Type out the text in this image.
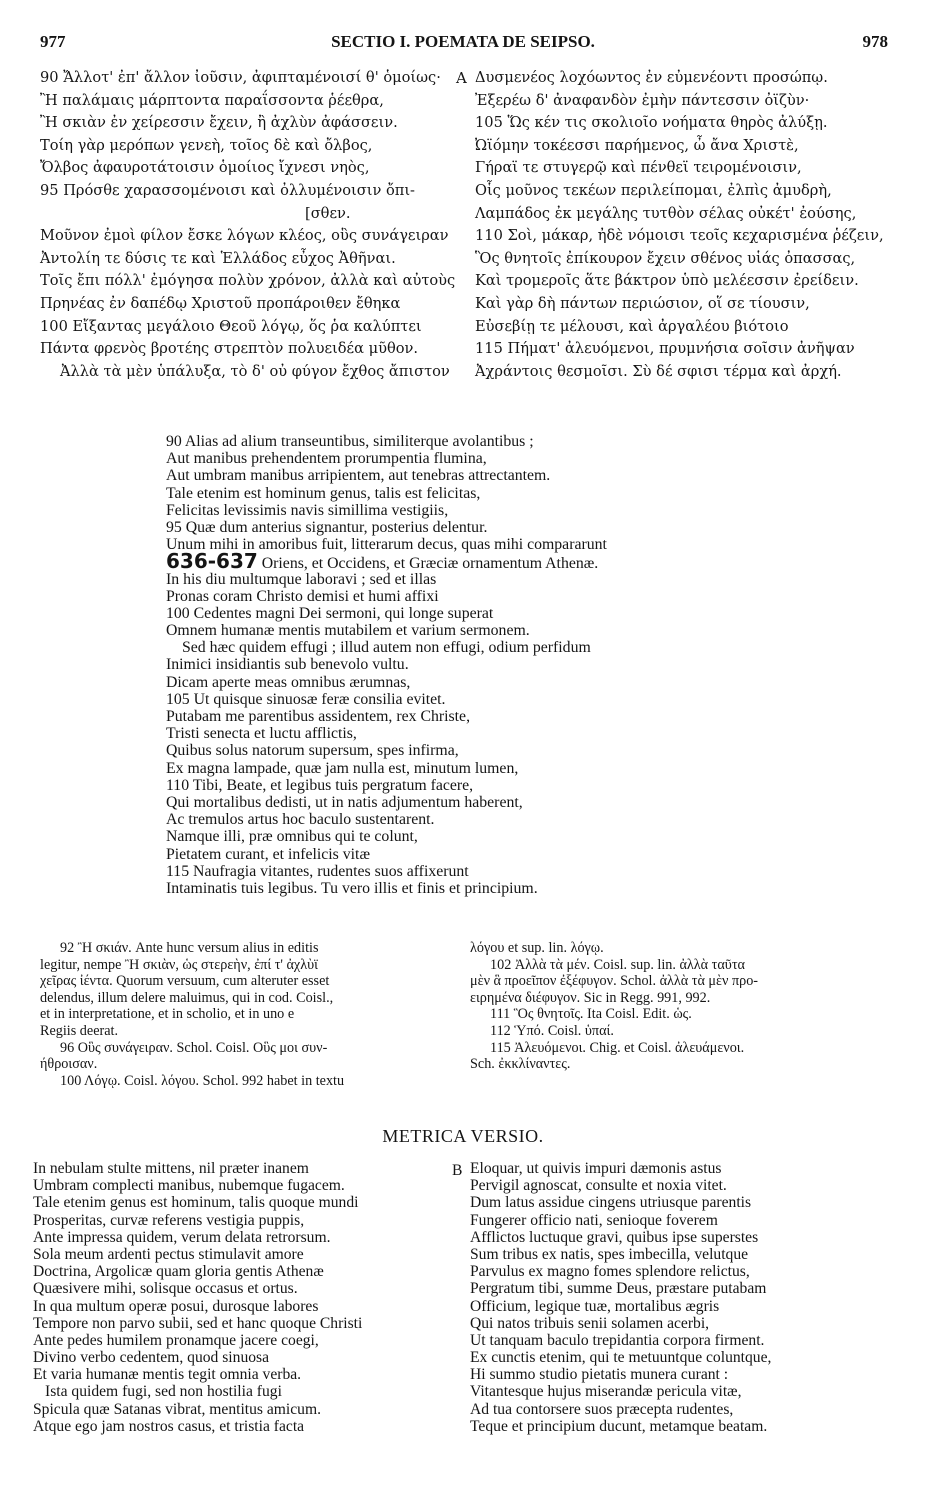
977	SECTIO I. POEMATA DE SEIPSO.	978
90 Ἄλλοτ' ἐπ' ἄλλον ἰοῦσιν, ἀφιπταμένοισί θ' ὁμοίως·
Ἢ παλάμαις μάρπτοντα παραΐσσοντα ῥέεθρα,
Ἢ σκιὰν ἐν χείρεσσιν ἔχειν, ἢ ἀχλὺν ἀφάσσειν.
Τοίη γὰρ μερόπων γενεὴ, τοῖος δὲ καὶ ὄλβος,
Ὄλβος ἀφαυροτάτοισιν ὁμοίιος ἴχνεσι νηὸς,
95 Πρόσθε χαρασσομένοισι καὶ ὀλλυμένοισιν ὄπι-
[σθεν.
Μοῦνον ἐμοὶ φίλον ἔσκε λόγων κλέος, οὓς συνάγειραν
Ἀντολίη τε δύσις τε καὶ Ἑλλάδος εὖχος Ἀθῆναι.
Τοῖς ἔπι πόλλ' ἐμόγησα πολὺν χρόνον, ἀλλὰ καὶ αὐτοὺς
Πρηνέας ἐν δαπέδῳ Χριστοῦ προπάροιθεν ἔθηκα
100 Εἴξαντας μεγάλοιο Θεοῦ λόγῳ, ὅς ῥα καλύπτει
Πάντα φρενὸς βροτέης στρεπτὸν πολυειδέα μῦθον.
Ἀλλὰ τὰ μὲν ὑπάλυξα, τὸ δ' οὐ φύγον ἔχθος ἄπιστον
A Δυσμενέος λοχόωντος ἐν εὐμενέοντι προσώπῳ.
Ἐξερέω δ' ἀναφανδὸν ἐμὴν πάντεσσιν ὀϊζὺν·
105 Ὥς κέν τις σκολιοῖο νοήματα θηρὸς ἀλύξῃ.
Ὠϊόμην τοκέεσσι παρήμενος, ὦ ἄνα Χριστὲ,
Γήραϊ τε στυγερῷ καὶ πένθεϊ τειρομένοισιν,
Οἷς μοῦνος τεκέων περιλείπομαι, ἐλπὶς ἀμυδρὴ,
Λαμπάδος ἐκ μεγάλης τυτθὸν σέλας οὐκέτ' ἐούσης,
110 Σοὶ, μάκαρ, ἠδὲ νόμοισι τεοῖς κεχαρισμένα ῥέζειν,
Ὃς θνητοῖς ἐπίκουρον ἔχειν σθένος υἱάς ὀπασσας,
Καὶ τρομεροῖς ἅτε βάκτρον ὑπὸ μελέεσσιν ἐρείδειν.
Καὶ γὰρ δὴ πάντων περιώσιον, οἵ σε τίουσιν,
Εὐσεβίῃ τε μέλουσι, καὶ ἀργαλέου βιότοιο
115 Πήματ' ἀλευόμενοι, πρυμνήσια σοῖσιν ἀνῆψαν
Ἀχράντοις θεσμοῖσι. Σὺ δέ σφισι τέρμα καὶ ἀρχή.
90 Alias ad alium transeuntibus, similiterque avolantibus ;
Aut manibus prehendentem prorumpentia flumina,
Aut umbram manibus arripientem, aut tenebras attrectantem.
Tale etenim est hominum genus, talis est felicitas,
Felicitas levissimis navis simillima vestigiis,
95 Quæ dum anterius signantur, posterius delentur.
Unum mihi in amoribus fuit, litterarum decus, quas mihi compararunt
636-637 Oriens, et Occidens, et Græciæ ornamentum Athenæ.
In his diu multumque laboravi ; sed et illas
Pronas coram Christo demisi et humi affixi
100 Cedentes magni Dei sermoni, qui longe superat
Omnem humanæ mentis mutabilem et varium sermonem.
Sed hæc quidem effugi ; illud autem non effugi, odium perfidum
Inimici insidiantis sub benevolo vultu.
Dicam aperte meas omnibus ærumnas,
105 Ut quisque sinuosæ feræ consilia evitet.
Putabam me parentibus assidentem, rex Christe,
Tristi senecta et luctu afflictis,
Quibus solus natorum supersum, spes infirma,
Ex magna lampade, quæ jam nulla est, minutum lumen,
110 Tibi, Beate, et legibus tuis pergratum facere,
Qui mortalibus dedisti, ut in natis adjumentum haberent,
Ac tremulos artus hoc baculo sustentarent.
Namque illi, præ omnibus qui te colunt,
Pietatem curant, et infelicis vitæ
115 Naufragia vitantes, rudentes suos affixerunt
Intaminatis tuis legibus. Tu vero illis et finis et principium.
92 Ἢ σκιάν. Ante hunc versum alius in editis
legitur, nempe Ἢ σκιὰν, ὡς στερεὴν, ἐπί τ' ἀχλὺϊ
χεῖρας ἰέντα. Quorum versuum, cum alteruter esset
delendus, illum delere maluimus, qui in cod. Coisl.,
et in interpretatione, et in scholio, et in uno e
Regiis deerat.
96 Οὓς συνάγειραν. Schol. Coisl. Οὓς μοι συν-
ήθροισαν.
100 Λόγῳ. Coisl. λόγου. Schol. 992 habet in textu
λόγου et sup. lin. λόγῳ.
102 Ἀλλὰ τὰ μέν. Coisl. sup. lin. ἀλλὰ ταῦτα
μὲν ἃ προεῖπον ἐξέφυγον. Schol. ἀλλὰ τὰ μὲν προ-
ειρημένα διέφυγον. Sic in Regg. 991, 992.
111 Ὃς θνητοῖς. Ita Coisl. Edit. ὡς.
112 Ὑπό. Coisl. ὑπαί.
115 Ἀλευόμενοι. Chig. et Coisl. ἀλευάμενοι.
Sch. ἐκκλίναντες.
METRICA VERSIO.
In nebulam stulte mittens, nil præter inanem
Umbram complecti manibus, nubemque fugacem.
Tale etenim genus est hominum, talis quoque mundi
Prosperitas, curvæ referens vestigia puppis,
Ante impressa quidem, verum delata retrorsum.
Sola meum ardenti pectus stimulavit amore
Doctrina, Argolicæ quam gloria gentis Athenæ
Quæsivere mihi, solisque occasus et ortus.
In qua multum operæ posui, durosque labores
Tempore non parvo subii, sed et hanc quoque Christi
Ante pedes humilem pronamque jacere coegi,
Divino verbo cedentem, quod sinuosa
Et varia humanæ mentis tegit omnia verba.
Ista quidem fugi, sed non hostilia fugi
Spicula quæ Satanas vibrat, mentitus amicum.
Atque ego jam nostros casus, et tristia facta
B Eloquar, ut quivis impuri dæmonis astus
Pervigil agnoscat, consulte et noxia vitet.
Dum latus assidue cingens utriusque parentis
Fungerer officio nati, senioque foverem
Afflictos luctuque gravi, quibus ipse superstes
Sum tribus ex natis, spes imbecilla, velutque
Parvulus ex magno fomes splendore relictus,
Pergratum tibi, summe Deus, præstare putabam
Officium, legique tuæ, mortalibus ægris
Qui natos tribuis senii solamen acerbi,
Ut tanquam baculo trepidantia corpora firment.
Ex cunctis etenim, qui te metuuntque coluntque,
Hi summo studio pietatis munera curant :
Vitantesque hujus miserandæ pericula vitæ,
Ad tua contorsere suos præcepta rudentes,
Teque et principium ducunt, metamque beatam.
